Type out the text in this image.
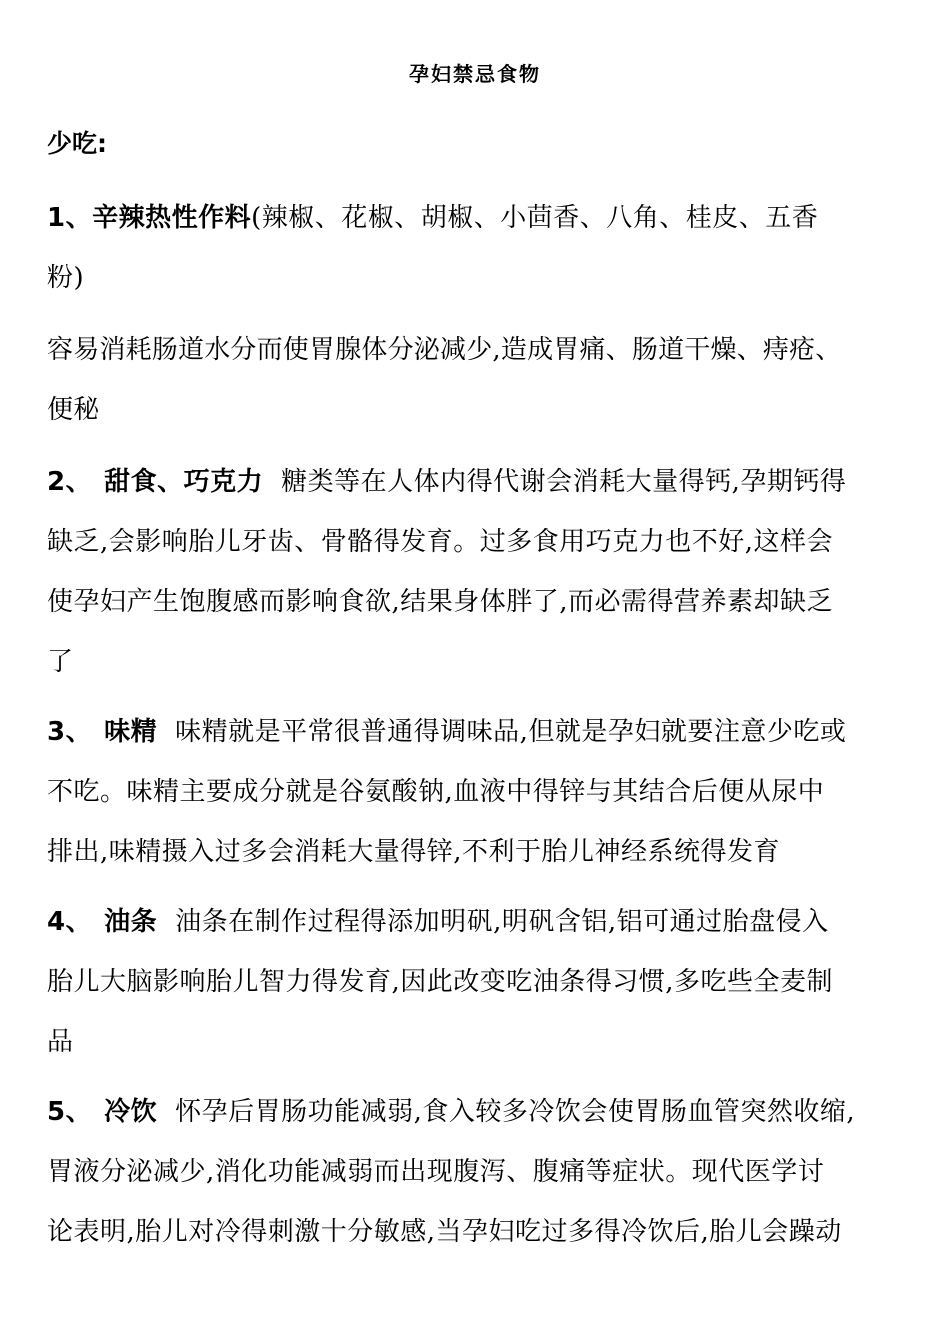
孕妇禁忌食物
少吃:
1、辛辣热性作料(辣椒、花椒、胡椒、小茴香、八角、桂皮、五香
粉)
容易消耗肠道水分而使胃腺体分泌减少,造成胃痛、肠道干燥、痔疮、
便秘
2、 甜食、巧克力 糖类等在人体内得代谢会消耗大量得钙,孕期钙得
缺乏,会影响胎儿牙齿、骨骼得发育。过多食用巧克力也不好,这样会
使孕妇产生饱腹感而影响食欲,结果身体胖了,而必需得营养素却缺乏
了
3、 味精 味精就是平常很普通得调味品,但就是孕妇就要注意少吃或
不吃。味精主要成分就是谷氨酸钠,血液中得锌与其结合后便从尿中
排出,味精摄入过多会消耗大量得锌,不利于胎儿神经系统得发育
4、 油条 油条在制作过程得添加明矾,明矾含铝,铝可通过胎盘侵入
胎儿大脑影响胎儿智力得发育,因此改变吃油条得习惯,多吃些全麦制
品
5、 冷饮 怀孕后胃肠功能减弱,食入较多冷饮会使胃肠血管突然收缩,
胃液分泌减少,消化功能减弱而出现腹泻、腹痛等症状。现代医学讨
论表明,胎儿对冷得刺激十分敏感,当孕妇吃过多得冷饮后,胎儿会躁动
